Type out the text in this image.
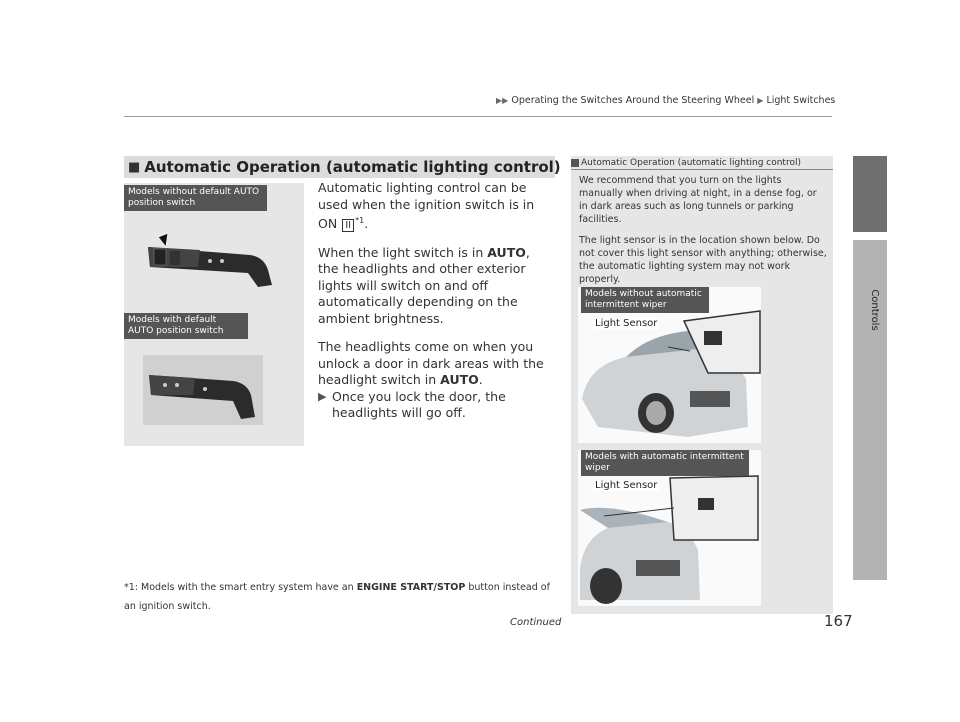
▶▶ Operating the Switches Around the Steering Wheel ▶ Light Switches
Controls
■ Automatic Operation (automatic lighting control)
Models without default AUTO position switch
Models with default AUTO position switch

Automatic lighting control can be used when the ignition switch is in ON II $^{*1}$.

When the light switch is in AUTO, the headlights and other exterior lights will switch on and off automatically depending on the ambient brightness.

The headlights come on when you unlock a door in dark areas with the headlight switch in AUTO.

▶ Once you lock the door, the headlights will go off.

*1: Models with the smart entry system have an ENGINE START/STOP button instead of an ignition switch.
Automatic Operation (automatic lighting control)

We recommend that you turn on the lights manually when driving at night, in a dense fog, or in dark areas such as long tunnels or parking facilities.

The light sensor is in the location shown below. Do not cover this light sensor with anything; otherwise, the automatic lighting system may not work properly.

Models without automatic intermittent wiper
Light Sensor
Models with automatic intermittent wiper
Light Sensor
Continued	167
